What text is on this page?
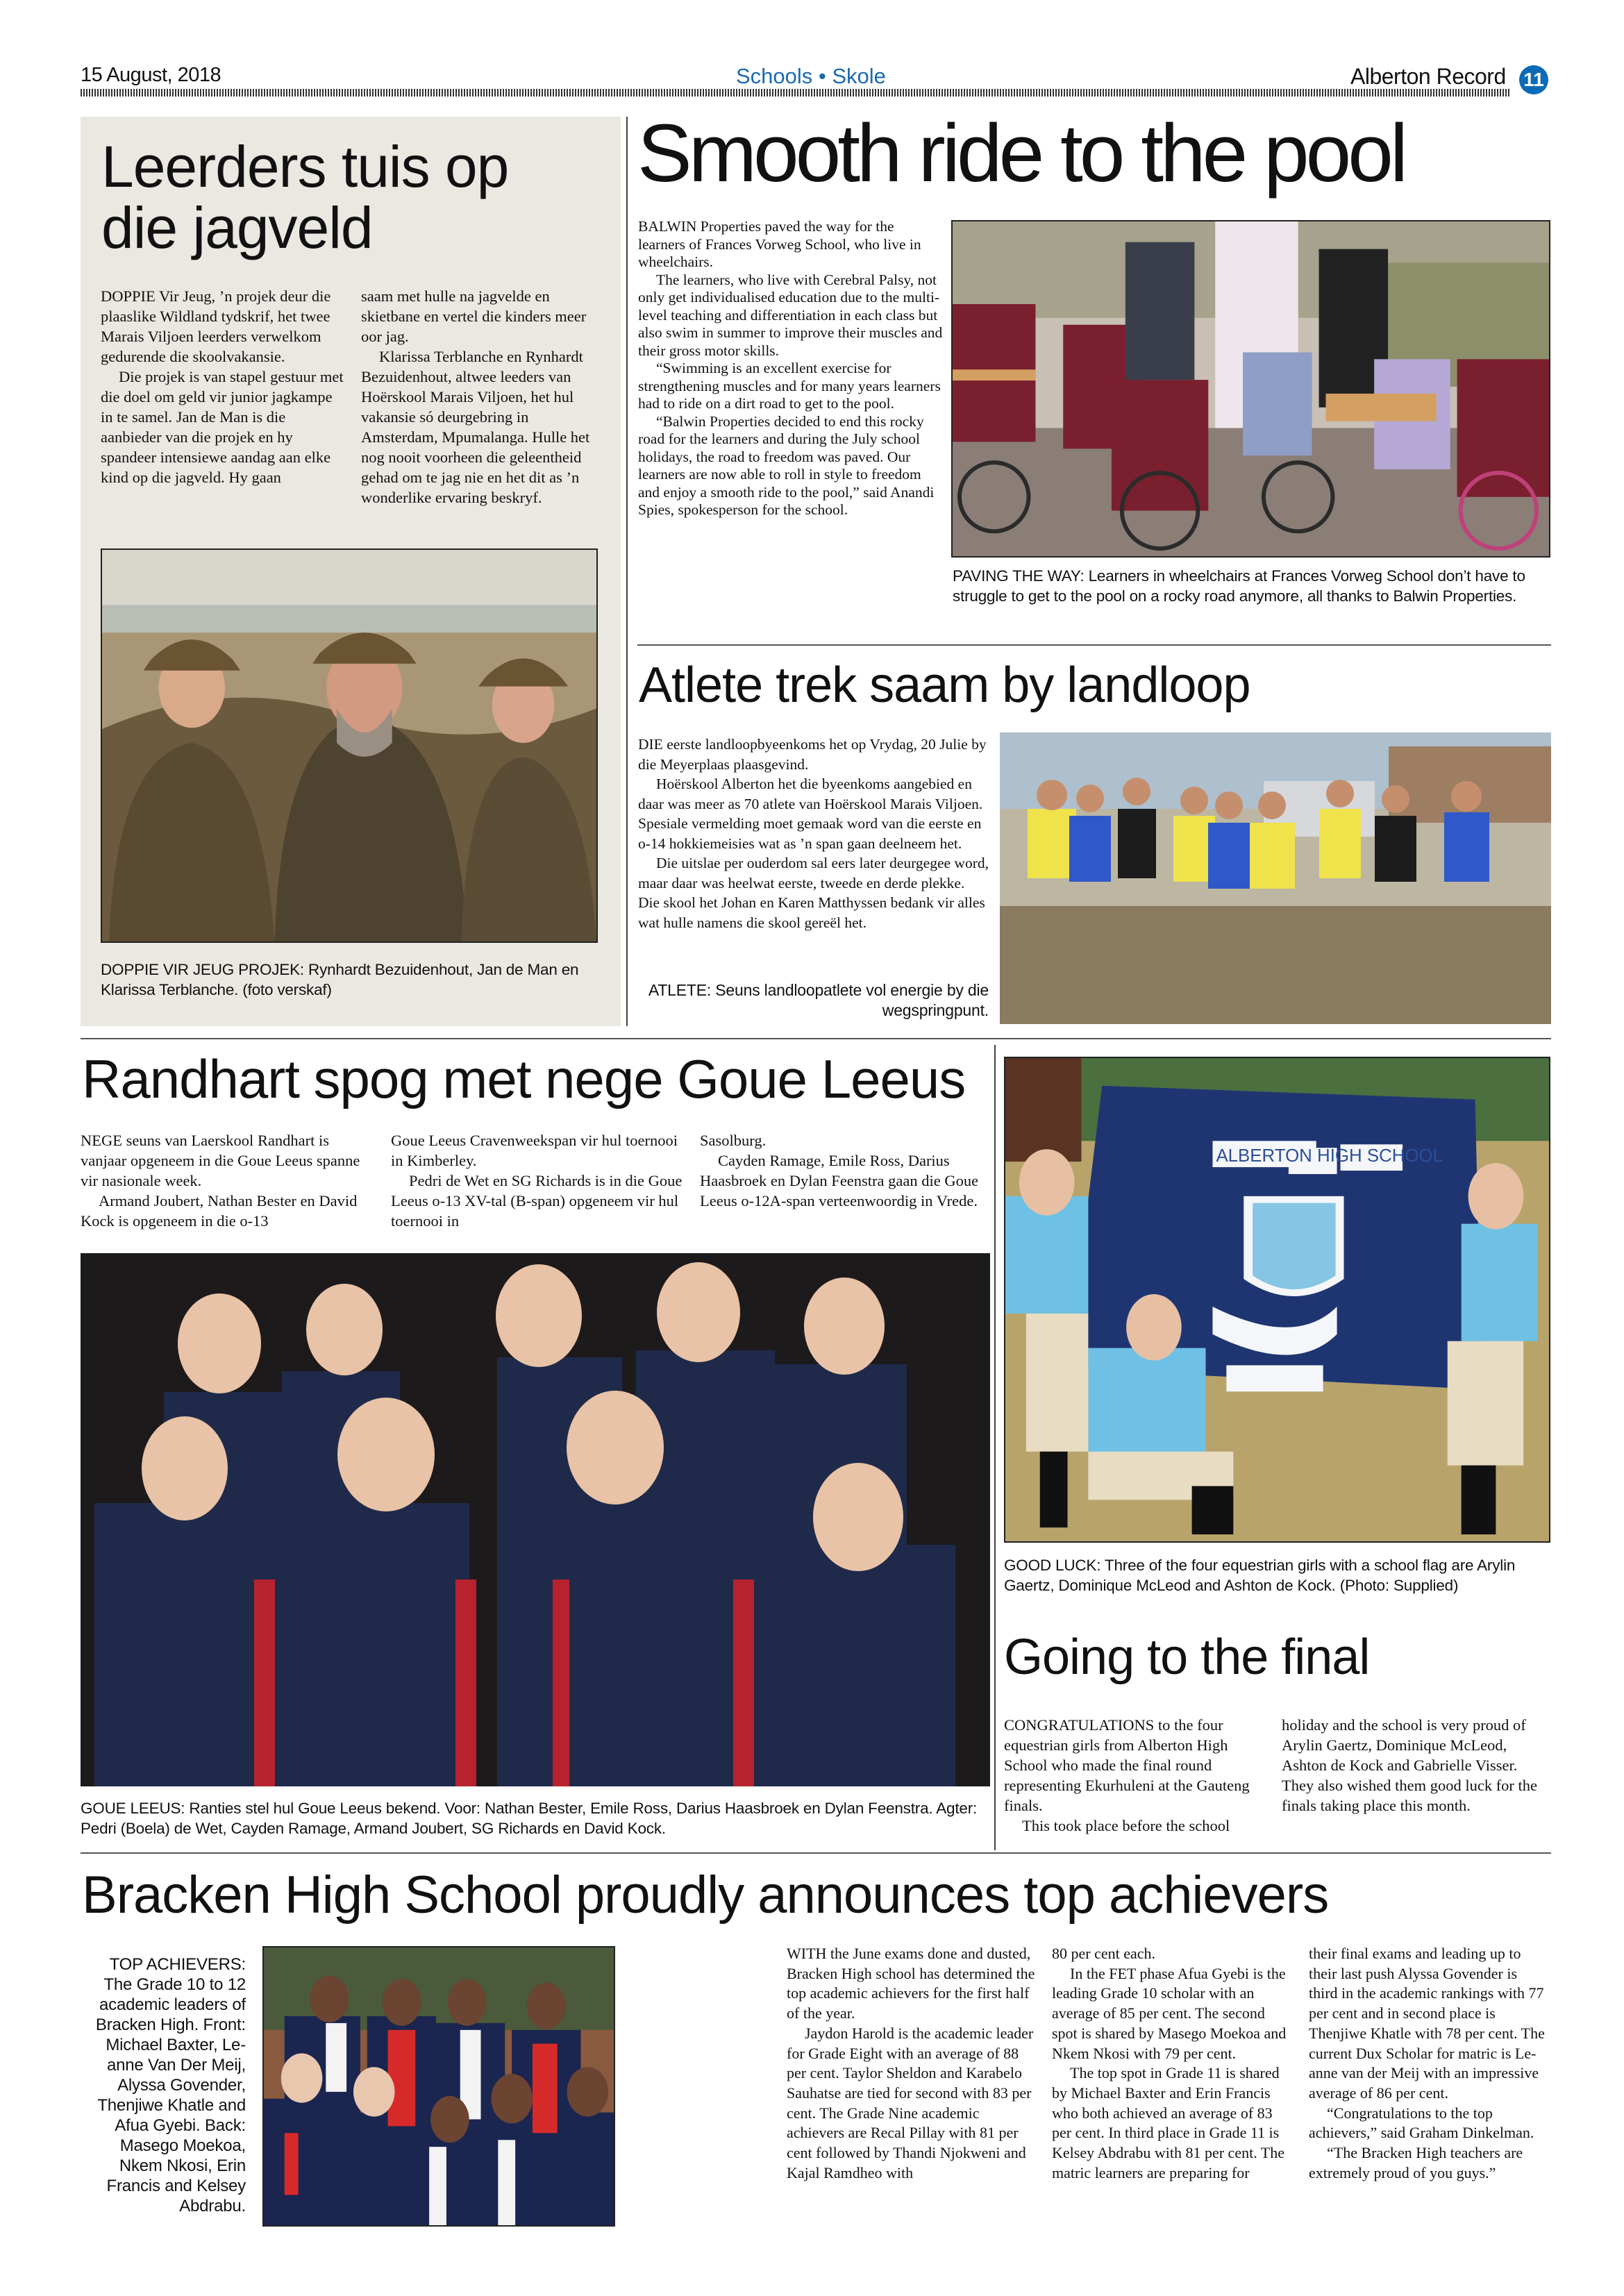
15 August, 2018	Schools • Skole	Alberton Record 11
Leerders tuis op
die jagveld

DOPPIE Vir Jeug, ’n projek deur die plaaslike Wildland tydskrif, het twee Marais Viljoen leerders verwelkom gedurende die skoolvakansie.

Die projek is van stapel gestuur met die doel om geld vir junior jagkampe in te samel. Jan de Man is die aanbieder van die projek en hy spandeer intensiewe aandag aan elke kind op die jagveld. Hy gaan

saam met hulle na jagvelde en skietbane en vertel die kinders meer oor jag.

Klarissa Terblanche en Rynhardt Bezuidenhout, altwee leeders van Hoërskool Marais Viljoen, het hul vakansie só deurgebring in Amsterdam, Mpumalanga. Hulle het nog nooit voorheen die geleentheid gehad om te jag nie en het dit as ’n wonderlike ervaring beskryf.

DOPPIE VIR JEUG PROJEK: Rynhardt Bezuidenhout, Jan de Man en Klarissa Terblanche. (foto verskaf)
Smooth ride to the pool

BALWIN Properties paved the way for the learners of Frances Vorweg School, who live in wheelchairs.

The learners, who live with Cerebral Palsy, not only get individualised education due to the multi-level teaching and differentiation in each class but also swim in summer to improve their muscles and their gross motor skills.

“Swimming is an excellent exercise for strengthening muscles and for many years learners had to ride on a dirt road to get to the pool.

“Balwin Properties decided to end this rocky road for the learners and during the July school holidays, the road to freedom was paved. Our learners are now able to roll in style to freedom and enjoy a smooth ride to the pool,” said Anandi Spies, spokesperson for the school.

PAVING THE WAY: Learners in wheelchairs at Frances Vorweg School don’t have to struggle to get to the pool on a rocky road anymore, all thanks to Balwin Properties.
Atlete trek saam by landloop

DIE eerste landloopbyeenkoms het op Vrydag, 20 Julie by die Meyerplaas plaasgevind.

Hoërskool Alberton het die byeenkoms aangebied en daar was meer as 70 atlete van Hoërskool Marais Viljoen. Spesiale vermelding moet gemaak word van die eerste en o-14 hokkiemeisies wat as ’n span gaan deelneem het.

Die uitslae per ouderdom sal eers later deurgegee word, maar daar was heelwat eerste, tweede en derde plekke. Die skool het Johan en Karen Matthyssen bedank vir alles wat hulle namens die skool gereël het.

ATLETE: Seuns landloopatlete vol energie by die wegspringpunt.
Randhart spog met nege Goue Leeus

NEGE seuns van Laerskool Randhart is vanjaar opgeneem in die Goue Leeus spanne vir nasionale week.

Armand Joubert, Nathan Bester en David Kock is opgeneem in die o-13

Goue Leeus Cravenweekspan vir hul toernooi in Kimberley.

Pedri de Wet en SG Richards is in die Goue Leeus o-13 XV-tal (B-span) opgeneem vir hul toernooi in

Sasolburg.

Cayden Ramage, Emile Ross, Darius Haasbroek en Dylan Feenstra gaan die Goue Leeus o-12A-span verteenwoordig in Vrede.

GOUE LEEUS: Ranties stel hul Goue Leeus bekend. Voor: Nathan Bester, Emile Ross, Darius Haasbroek en Dylan Feenstra. Agter: Pedri (Boela) de Wet, Cayden Ramage, Armand Joubert, SG Richards en David Kock.
ALBERTON HIGH SCHOOL
GOOD LUCK: Three of the four equestrian girls with a school flag are Arylin Gaertz, Dominique McLeod and Ashton de Kock. (Photo: Supplied)
Going to the final

CONGRATULATIONS to the four equestrian girls from Alberton High School who made the final round representing Ekurhuleni at the Gauteng finals.

This took place before the school

holiday and the school is very proud of Arylin Gaertz, Dominique McLeod, Ashton de Kock and Gabrielle Visser. They also wished them good luck for the finals taking place this month.

Bracken High School proudly announces top achievers
TOP ACHIEVERS: The Grade 10 to 12 academic leaders of Bracken High. Front: Michael Baxter, Le-anne Van Der Meij, Alyssa Govender, Thenjiwe Khatle and Afua Gyebi. Back: Masego Moekoa, Nkem Nkosi, Erin Francis and Kelsey Abdrabu.

WITH the June exams done and dusted, Bracken High school has determined the top academic achievers for the first half of the year.

Jaydon Harold is the academic leader for Grade Eight with an average of 88 per cent. Taylor Sheldon and Karabelo Sauhatse are tied for second with 83 per cent. The Grade Nine academic achievers are Recal Pillay with 81 per cent followed by Thandi Njokweni and Kajal Ramdheo with

80 per cent each.

In the FET phase Afua Gyebi is the leading Grade 10 scholar with an average of 85 per cent. The second spot is shared by Masego Moekoa and Nkem Nkosi with 79 per cent.

The top spot in Grade 11 is shared by Michael Baxter and Erin Francis who both achieved an average of 83 per cent. In third place in Grade 11 is Kelsey Abdrabu with 81 per cent. The matric learners are preparing for

their final exams and leading up to their last push Alyssa Govender is third in the academic rankings with 77 per cent and in second place is Thenjiwe Khatle with 78 per cent. The current Dux Scholar for matric is Le-anne van der Meij with an impressive average of 86 per cent.

“Congratulations to the top achievers,” said Graham Dinkelman.

“The Bracken High teachers are extremely proud of you guys.”
